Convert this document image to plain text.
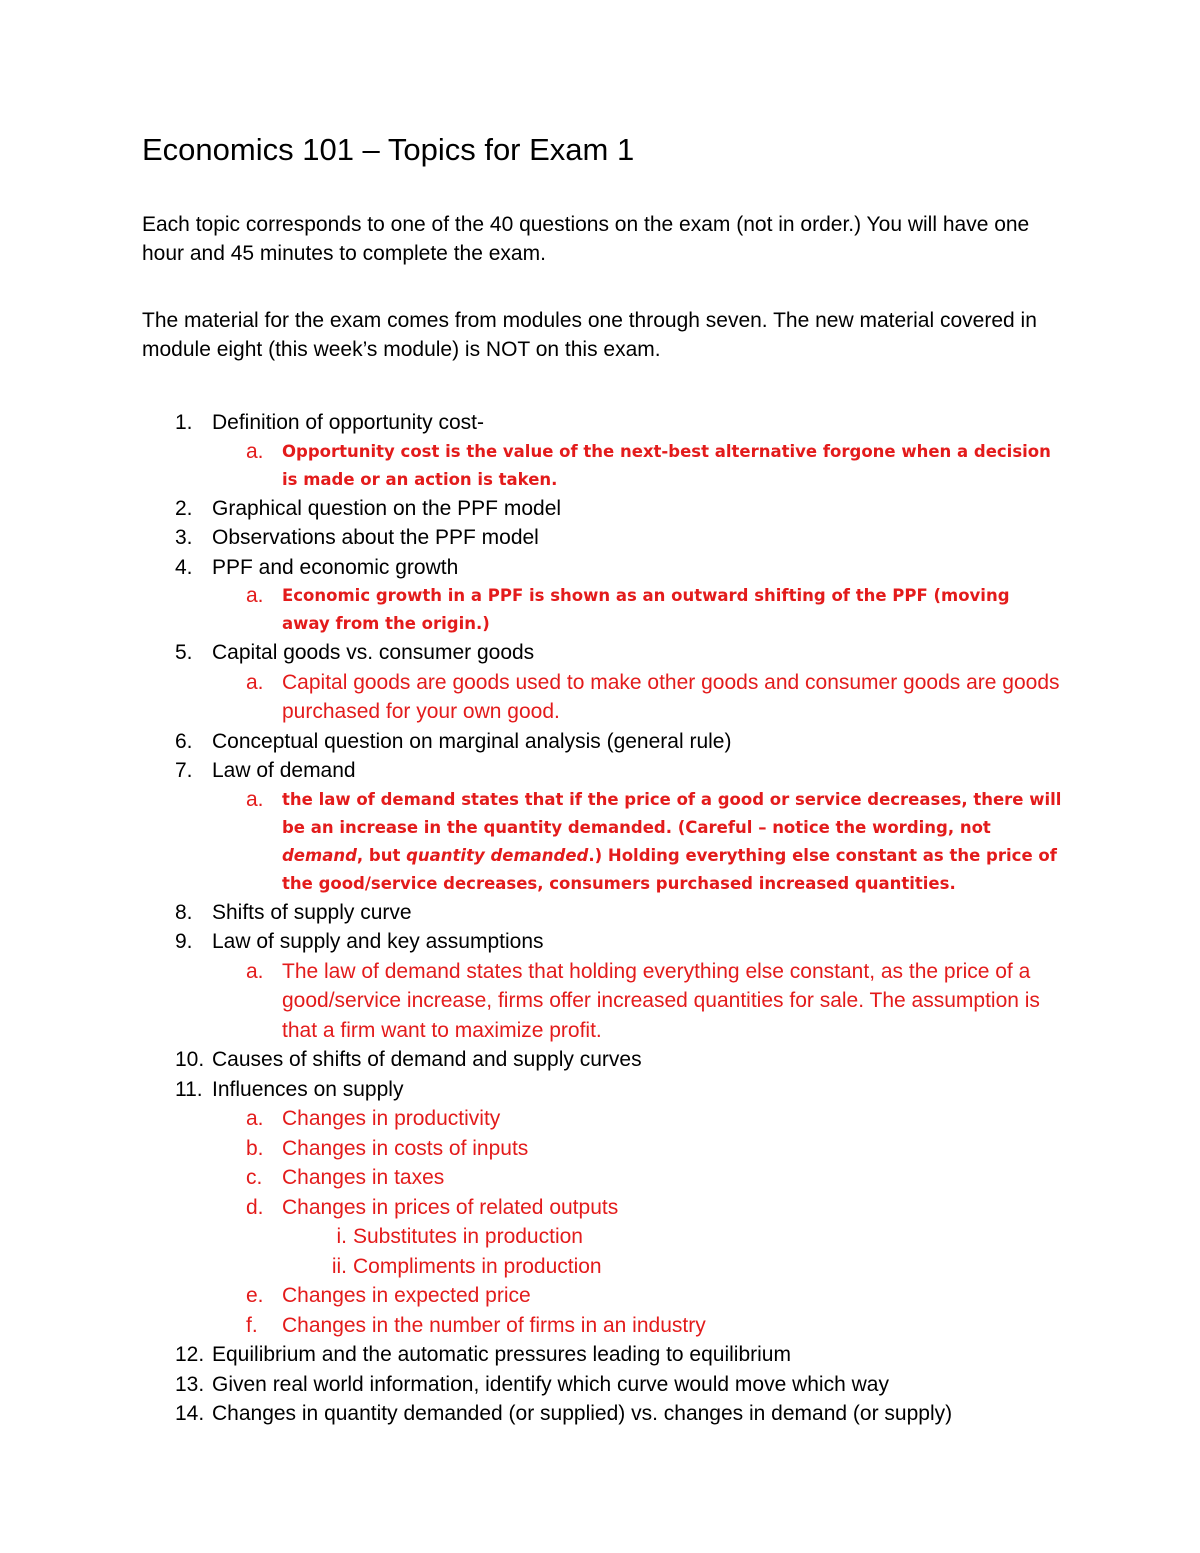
Economics 101 – Topics for Exam 1

Each topic corresponds to one of the 40 questions on the exam (not in order.) You will have one hour and 45 minutes to complete the exam.

The material for the exam comes from modules one through seven. The new material covered in module eight (this week’s module) is NOT on this exam.

1. Definition of opportunity cost-

a. Opportunity cost is the value of the next-best alternative forgone when a decision is made or an action is taken.
2. Graphical question on the PPF model

3. Observations about the PPF model

4. PPF and economic growth

a. Economic growth in a PPF is shown as an outward shifting of the PPF (moving away from the origin.)
5. Capital goods vs. consumer goods

a. Capital goods are goods used to make other goods and consumer goods are goods purchased for your own good.
6. Conceptual question on marginal analysis (general rule)

7. Law of demand

a. the law of demand states that if the price of a good or service decreases, there will be an increase in the quantity demanded. (Careful – notice the wording, not demand, but quantity demanded.) Holding everything else constant as the price of the good/service decreases, consumers purchased increased quantities.
8. Shifts of supply curve

9. Law of supply and key assumptions

a. The law of demand states that holding everything else constant, as the price of a good/service increase, firms offer increased quantities for sale. The assumption is that a firm want to maximize profit.
10. Causes of shifts of demand and supply curves

11. Influences on supply

a. Changes in productivity
b. Changes in costs of inputs
c. Changes in taxes
d. Changes in prices of related outputs
i. Substitutes in production
ii. Compliments in production
e. Changes in expected price
f. Changes in the number of firms in an industry
12. Equilibrium and the automatic pressures leading to equilibrium

13. Given real world information, identify which curve would move which way

14. Changes in quantity demanded (or supplied) vs. changes in demand (or supply)
